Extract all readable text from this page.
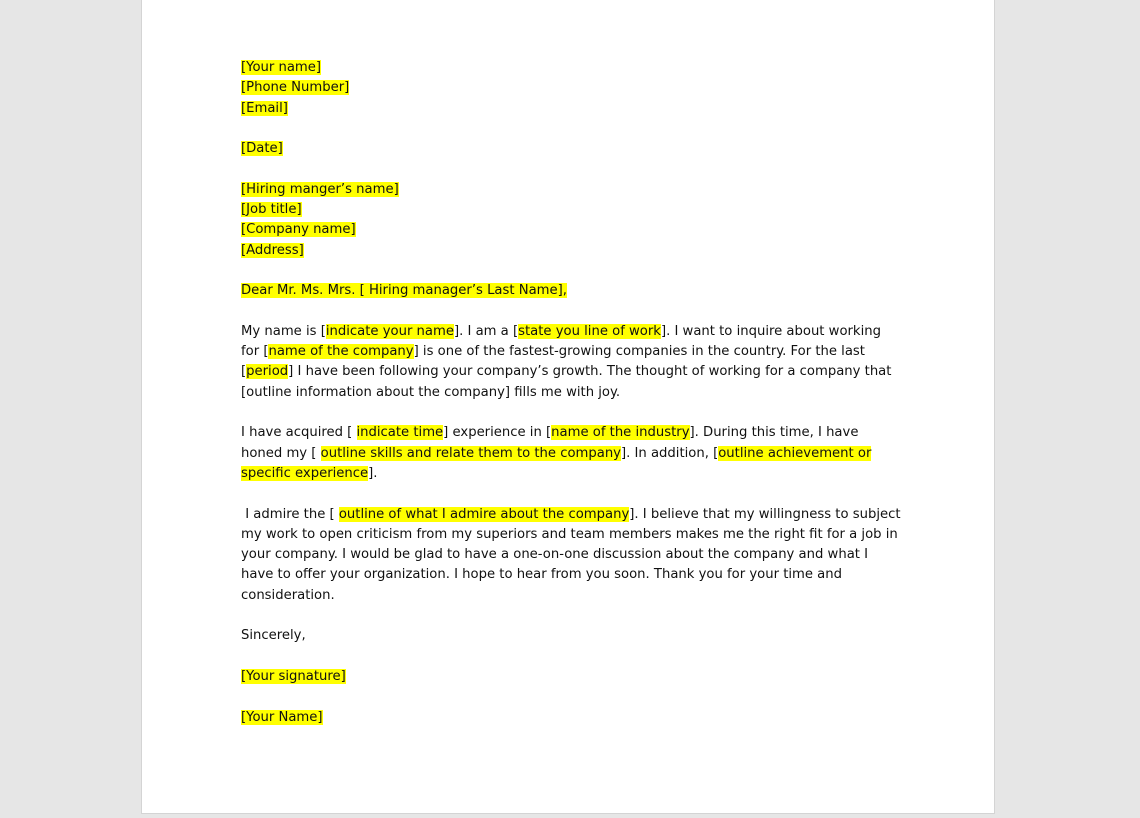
[Your name]
[Phone Number]
[Email]
[Date]
[Hiring manger’s name]
[Job title]
[Company name]
[Address]
Dear Mr. Ms. Mrs. [ Hiring manager’s Last Name],

My name is [indicate your name]. I am a [state you line of work]. I want to inquire about working for [name of the company] is one of the fastest-growing companies in the country. For the last [period] I have been following your company’s growth. The thought of working for a company that [outline information about the company] fills me with joy.

I have acquired [ indicate time] experience in [name of the industry]. During this time, I have honed my [ outline skills and relate them to the company]. In addition, [outline achievement or specific experience].

I admire the [ outline of what I admire about the company]. I believe that my willingness to subject my work to open criticism from my superiors and team members makes me the right fit for a job in your company. I would be glad to have a one-on-one discussion about the company and what I have to offer your organization. I hope to hear from you soon. Thank you for your time and consideration.

Sincerely,
[Your signature]
[Your Name]
